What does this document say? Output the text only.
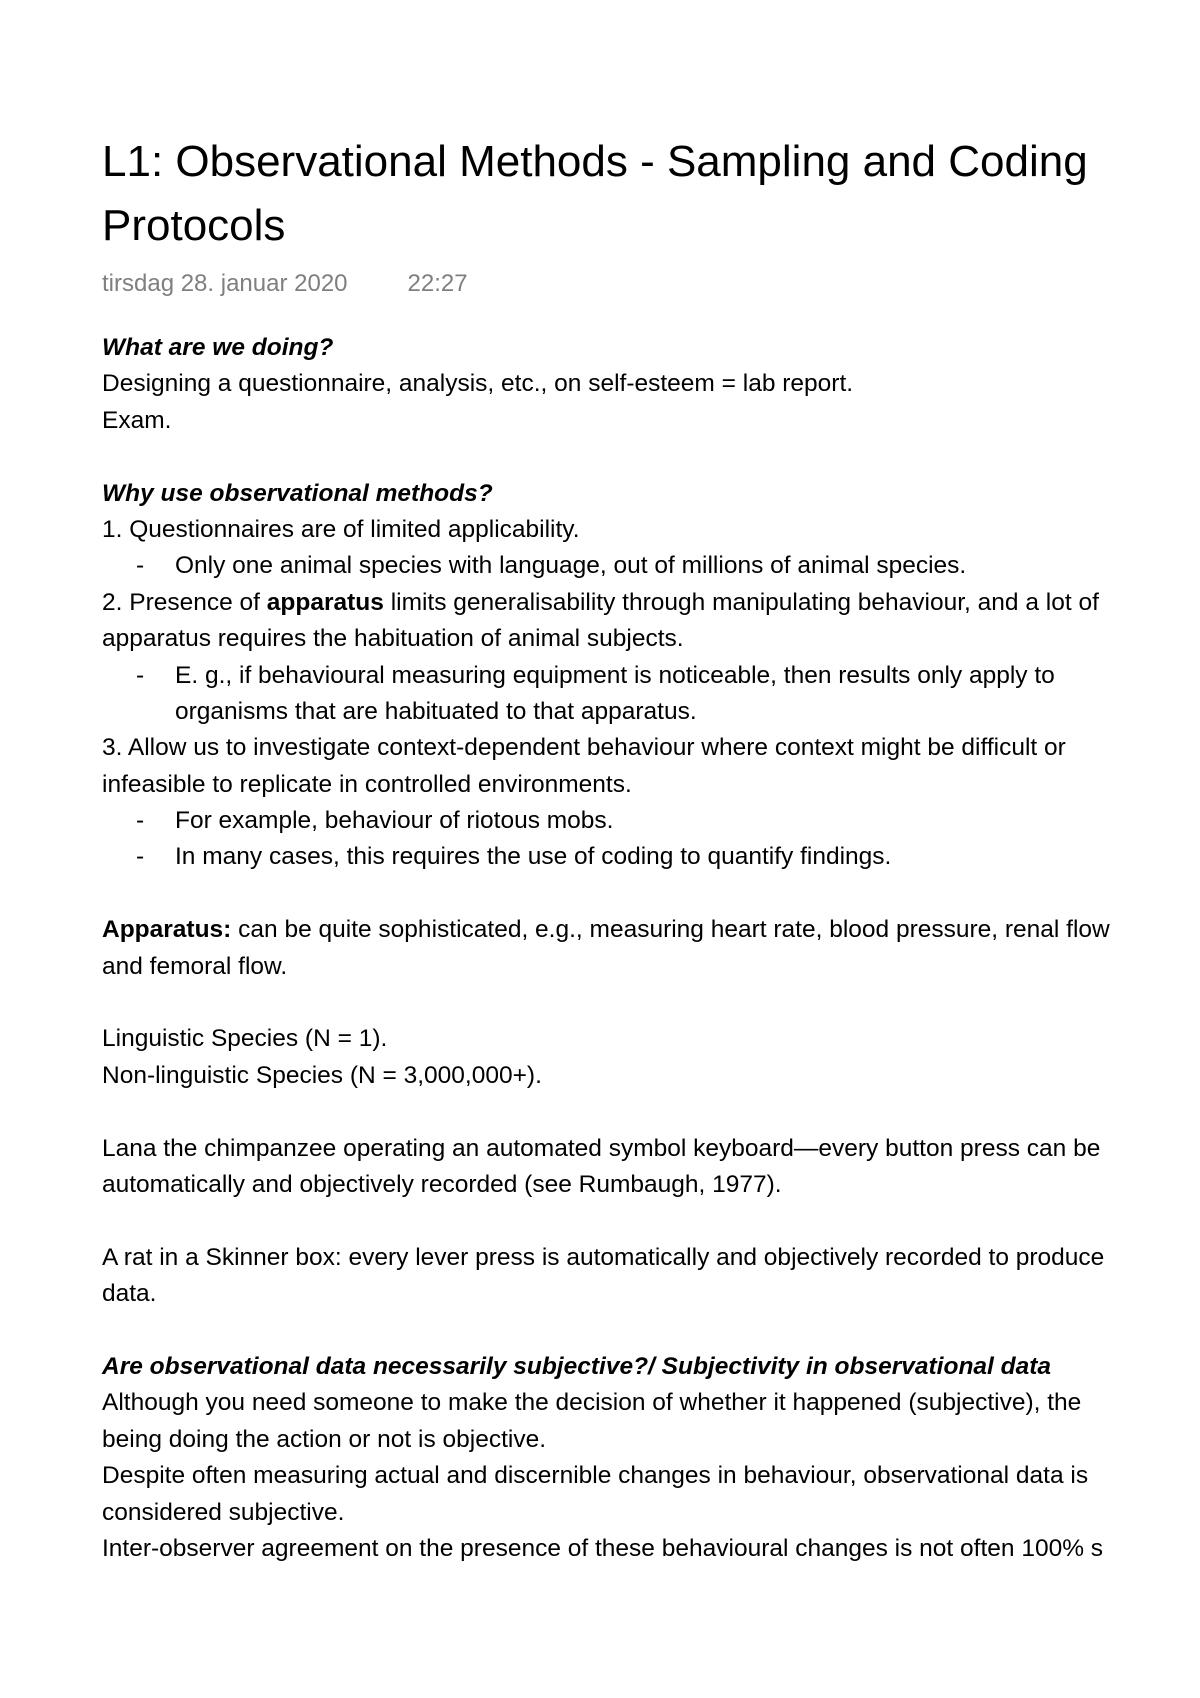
L1: Observational Methods - Sampling and Coding
Protocols
tirsdag 28. januar 2020	22:27
What are we doing?
Designing a questionnaire, analysis, etc., on self-esteem = lab report.
Exam.
Why use observational methods?
1. Questionnaires are of limited applicability.
- Only one animal species with language, out of millions of animal species.
2. Presence of apparatus limits generalisability through manipulating behaviour, and a lot of
apparatus requires the habituation of animal subjects.
- E. g., if behavioural measuring equipment is noticeable, then results only apply to
organisms that are habituated to that apparatus.
3. Allow us to investigate context-dependent behaviour where context might be difficult or
infeasible to replicate in controlled environments.
- For example, behaviour of riotous mobs.
- In many cases, this requires the use of coding to quantify findings.
Apparatus: can be quite sophisticated, e.g., measuring heart rate, blood pressure, renal flow
and femoral flow.
Linguistic Species (N = 1).
Non-linguistic Species (N = 3,000,000+).
Lana the chimpanzee operating an automated symbol keyboard—every button press can be
automatically and objectively recorded (see Rumbaugh, 1977).
A rat in a Skinner box: every lever press is automatically and objectively recorded to produce
data.
Are observational data necessarily subjective?/ Subjectivity in observational data
Although you need someone to make the decision of whether it happened (subjective), the
being doing the action or not is objective.
Despite often measuring actual and discernible changes in behaviour, observational data is
considered subjective.
Inter-observer agreement on the presence of these behavioural changes is not often 100% s
